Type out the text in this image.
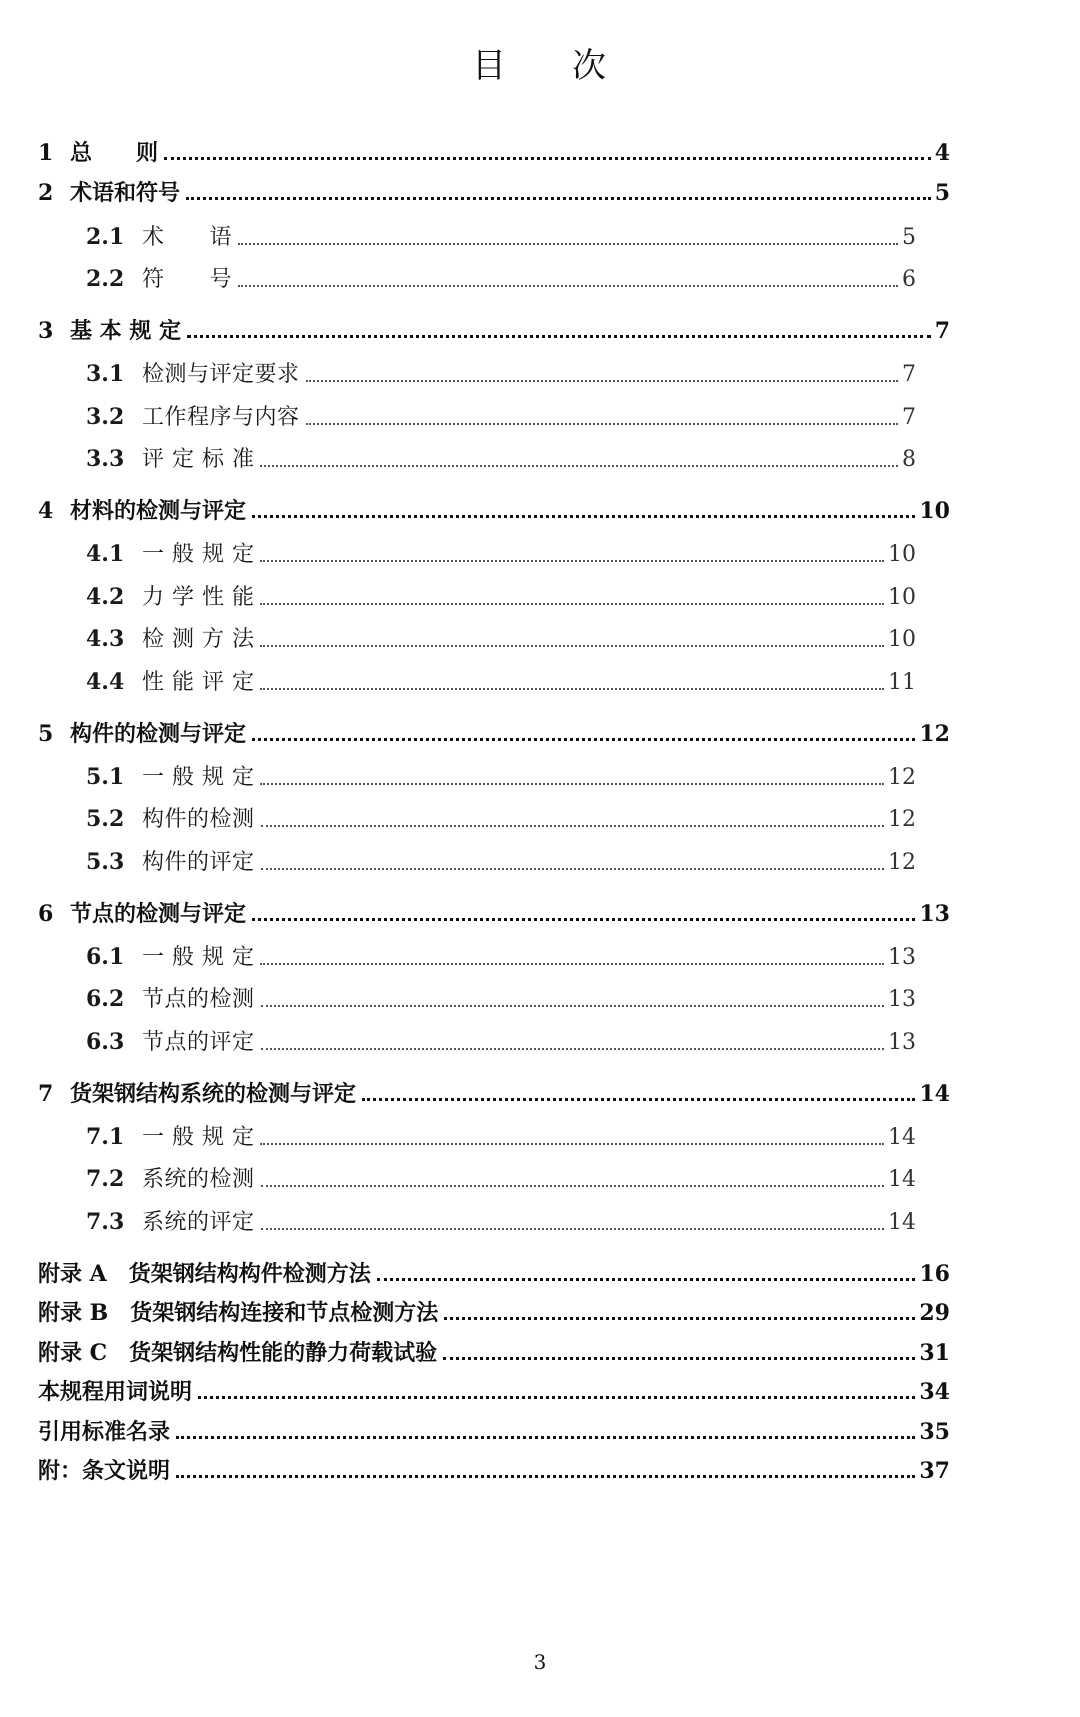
目 次
1 总　　则	4
2 术语和符号	5
2.1 术　　语	5
2.2 符　　号	6
3 基 本 规 定	7
3.1 检测与评定要求	7
3.2 工作程序与内容	7
3.3 评 定 标 准	8
4 材料的检测与评定	10
4.1 一 般 规 定	10
4.2 力 学 性 能	10
4.3 检 测 方 法	10
4.4 性 能 评 定	11
5 构件的检测与评定	12
5.1 一 般 规 定	12
5.2 构件的检测	12
5.3 构件的评定	12
6 节点的检测与评定	13
6.1 一 般 规 定	13
6.2 节点的检测	13
6.3 节点的评定	13
7 货架钢结构系统的检测与评定	14
7.1 一 般 规 定	14
7.2 系统的检测	14
7.3 系统的评定	14
附录 A　货架钢结构构件检测方法	16
附录 B　货架钢结构连接和节点检测方法	29
附录 C　货架钢结构性能的静力荷载试验	31
本规程用词说明	34
引用标准名录	35
附：条文说明	37
3
